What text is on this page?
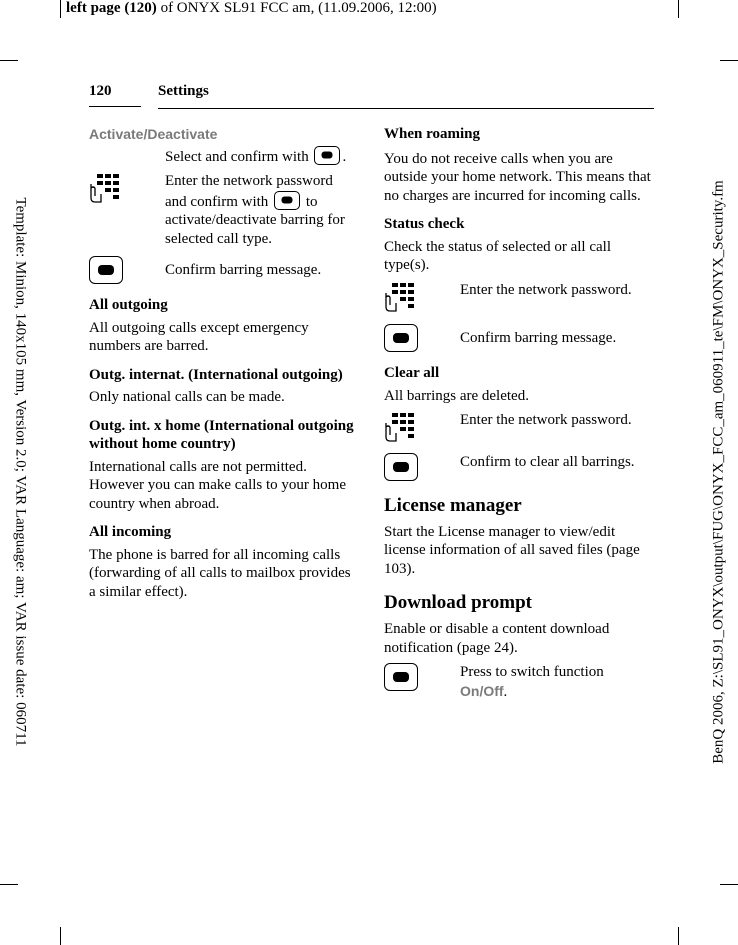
left page (120) of ONYX SL91 FCC am, (11.09.2006, 12:00)
Template: Minion, 140x105 mm, Version 2.0; VAR Language: am; VAR issue date: 060711	BenQ 2006, Z:\SL91_ONYX\output\FUG\ONYX_FCC_am_060911_te\FM\ONYX_Security.fm
120	Settings
Activate/Deactivate
Select and confirm with .
Enter the network password and confirm with	to activate/deactivate barring for selected call type.
Confirm barring message.
All outgoing

All outgoing calls except emergency numbers are barred.

Outg. internat. (International outgoing)

Only national calls can be made.

Outg. int. x home (International outgoing without home country)

International calls are not permitted. However you can make calls to your home country when abroad.

All incoming

The phone is barred for all incoming calls (forwarding of all calls to mailbox provides a similar effect).

When roaming

You do not receive calls when you are outside your home network. This means that no charges are incurred for incoming calls.

Status check

Check the status of selected or all call type(s).

Enter the network password.
Confirm barring message.
Clear all

All barrings are deleted.

Enter the network password.
Confirm to clear all barrings.
License manager

Start the License manager to view/edit license information of all saved files (page 103).

Download prompt

Enable or disable a content download notification (page 24).

Press to switch function
On/Off.
